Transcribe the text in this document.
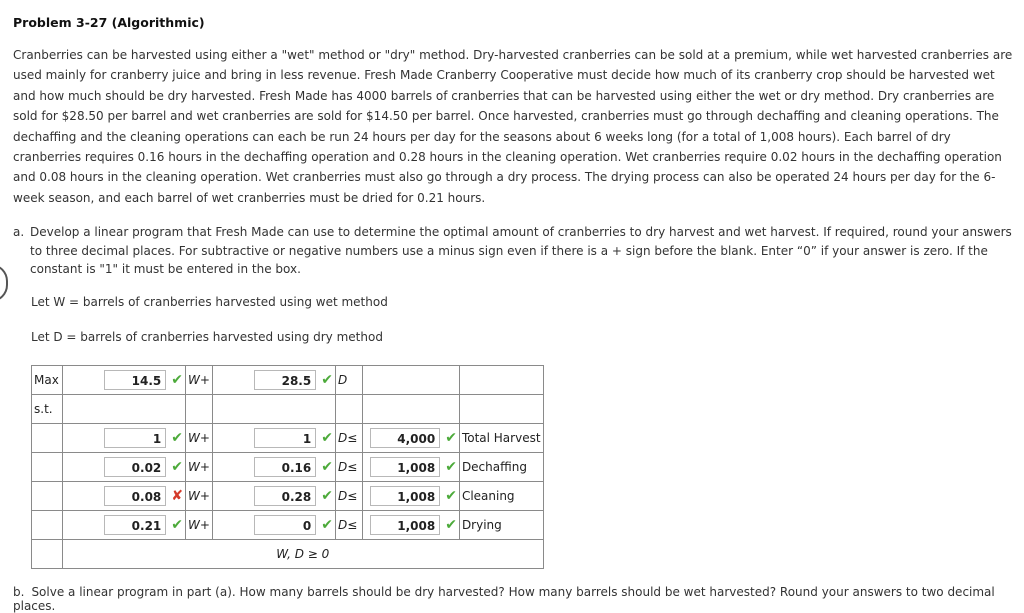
Problem 3-27 (Algorithmic)
Cranberries can be harvested using either a "wet" method or "dry" method. Dry-harvested cranberries can be sold at a premium, while wet harvested cranberries are used mainly for cranberry juice and bring in less revenue. Fresh Made Cranberry Cooperative must decide how much of its cranberry crop should be harvested wet and how much should be dry harvested. Fresh Made has 4000 barrels of cranberries that can be harvested using either the wet or dry method. Dry cranberries are sold for $28.50 per barrel and wet cranberries are sold for $14.50 per barrel. Once harvested, cranberries must go through dechaffing and cleaning operations. The dechaffing and the cleaning operations can each be run 24 hours per day for the seasons about 6 weeks long (for a total of 1,008 hours). Each barrel of dry cranberries requires 0.16 hours in the dechaffing operation and 0.28 hours in the cleaning operation. Wet cranberries require 0.02 hours in the dechaffing operation and 0.08 hours in the cleaning operation. Wet cranberries must also go through a dry process. The drying process can also be operated 24 hours per day for the 6-week season, and each barrel of wet cranberries must be dried for 0.21 hours.
a. Develop a linear program that Fresh Made can use to determine the optimal amount of cranberries to dry harvest and wet harvest. If required, round your answers to three decimal places. For subtractive or negative numbers use a minus sign even if there is a + sign before the blank. Enter “0” if your answer is zero. If the constant is "1" it must be entered in the box.
Let W = barrels of cranberries harvested using wet method
Let D = barrels of cranberries harvested using dry method
Max	14.5 ✔	W+	28.5 ✔	D		
s.t.						
	1 ✔	W+	1 ✔	D≤	4,000 ✔	Total Harvest
	0.02 ✔	W+	0.16 ✔	D≤	1,008 ✔	Dechaffing
	0.08 ✘	W+	0.28 ✔	D≤	1,008 ✔	Cleaning
	0.21 ✔	W+	0 ✔	D≤	1,008 ✔	Drying
	W, D ≥ 0					
b. Solve a linear program in part (a). How many barrels should be dry harvested? How many barrels should be wet harvested? Round your answers to two decimal places.
